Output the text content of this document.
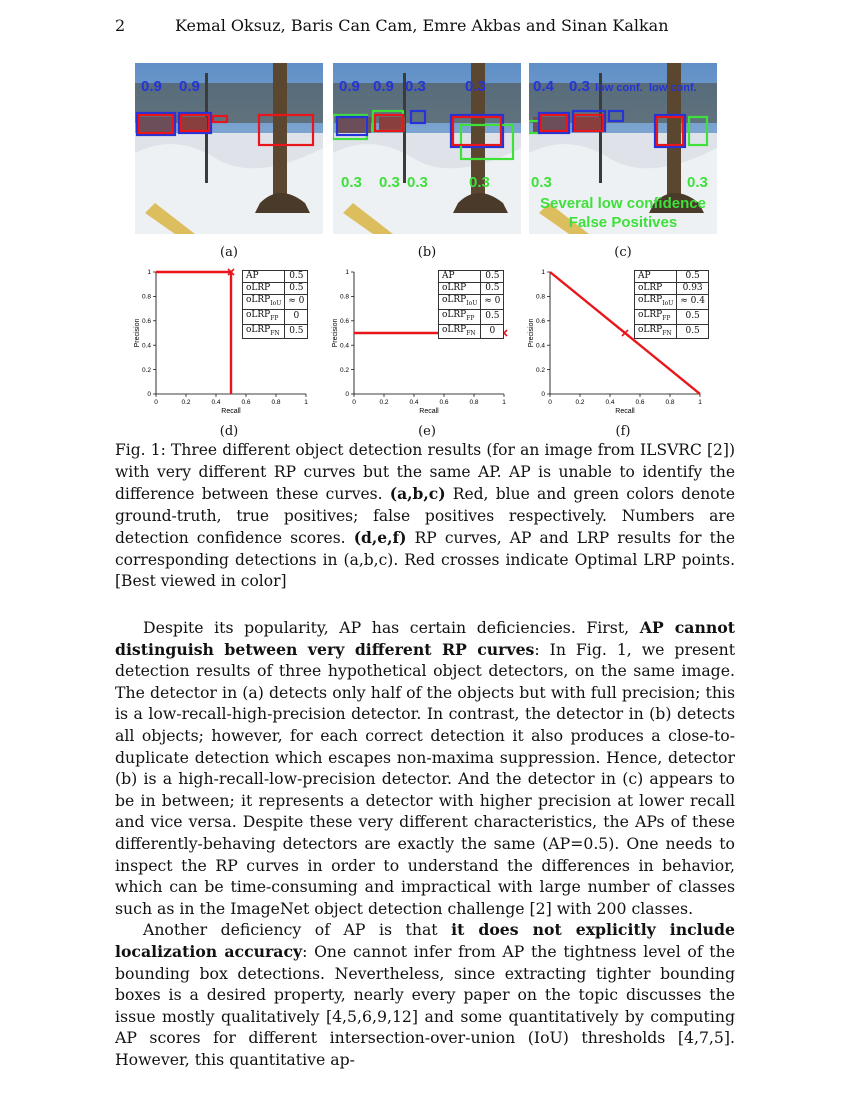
2	Kemal Oksuz, Baris Can Cam, Emre Akbas and Sinan Kalkan
0.9 0.9	0.9 0.9 0.3	0.3
0.3 0.3 0.3	0.3
0.4 0.3 low conf. low conf.
0.3	0.3
Several low confidence
False Positives
(a)	(b)	(c)
0	0.2	0.4	0.6	0.8	1
0
0.2
0.4
0.6
0.8
1
Recall
Precision
0	0.2	0.4	0.6	0.8	1
0
0.2
0.4
0.6
0.8
1
Recall
Precision
0	0.2	0.4	0.6	0.8	1
0
0.2
0.4
0.6
0.8
1
Recall
Precision
AP	0.5
oLRP	0.5
oLRP$_{IoU}$	≈ 0
oLRP$_{FP}$	0
oLRP$_{FN}$	0.5
AP	0.5
oLRP	0.5
oLRP$_{IoU}$	≈ 0
oLRP$_{FP}$	0.5
oLRP$_{FN}$	0
AP	0.5
oLRP	0.93
oLRP$_{IoU}$	≈ 0.4
oLRP$_{FP}$	0.5
oLRP$_{FN}$	0.5
(d)	(e)	(f)
Fig. 1: Three different object detection results (for an image from ILSVRC [2]) with very different RP curves but the same AP. AP is unable to identify the difference between these curves. (a,b,c) Red, blue and green colors denote ground-truth, true positives; false positives respectively. Numbers are detection confidence scores. (d,e,f) RP curves, AP and LRP results for the corresponding detections in (a,b,c). Red crosses indicate Optimal LRP points. [Best viewed in color]

Despite its popularity, AP has certain deficiencies. First, AP cannot distinguish between very different RP curves: In Fig. 1, we present detection results of three hypothetical object detectors, on the same image. The detector in (a) detects only half of the objects but with full precision; this is a low-recall-high-precision detector. In contrast, the detector in (b) detects all objects; however, for each correct detection it also produces a close-to-duplicate detection which escapes non-maxima suppression. Hence, detector (b) is a high-recall-low-precision detector. And the detector in (c) appears to be in between; it represents a detector with higher precision at lower recall and vice versa. Despite these very different characteristics, the APs of these differently-behaving detectors are exactly the same (AP=0.5). One needs to inspect the RP curves in order to understand the differences in behavior, which can be time-consuming and impractical with large number of classes such as in the ImageNet object detection challenge [2] with 200 classes.

Another deficiency of AP is that it does not explicitly include localization accuracy: One cannot infer from AP the tightness level of the bounding box detections. Nevertheless, since extracting tighter bounding boxes is a desired property, nearly every paper on the topic discusses the issue mostly qualitatively [4,5,6,9,12] and some quantitatively by computing AP scores for different intersection-over-union (IoU) thresholds [4,7,5]. However, this quantitative ap-
